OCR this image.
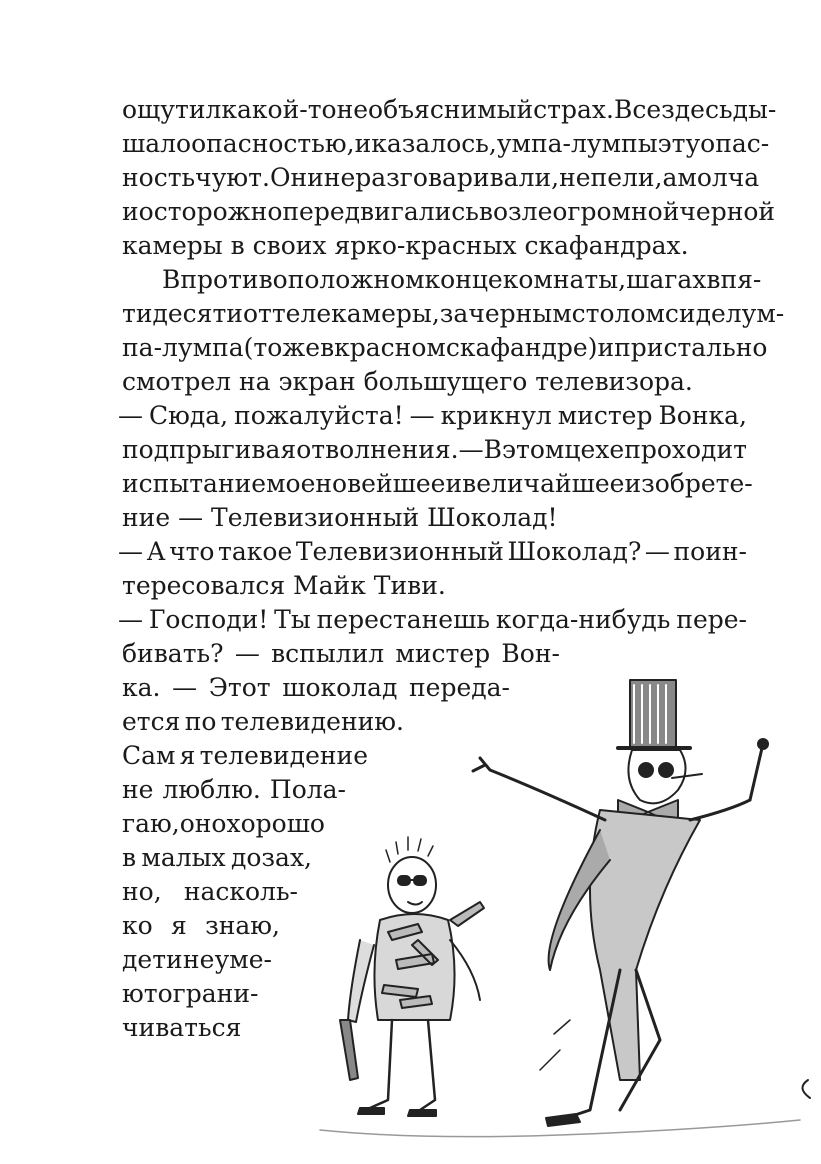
ощутил какой-то необъяснимый страх. Все здесь ды-
шало опасностью, и казалось, умпа-лумпы эту опас-
ность чуют. Они не разговаривали, не пели, а молча
и осторожно передвигались возле огромной черной
камеры в своих ярко-красных скафандрах.
В противоположном конце комнаты, шагах в пя-
тидесяти от телекамеры, за черным столом сидел ум-
па-лумпа (тоже в красном скафандре) и пристально
смотрел на экран большущего телевизора.
— Сюда, пожалуйста! — крикнул мистер Вонка,
подпрыгивая от волнения. — В этом цехе проходит
испытание мое новейшее и величайшее изобрете-
ние — Телевизионный Шоколад!
— А что такое Телевизионный Шоколад? — поин-
тересовался Майк Тиви.
— Господи! Ты перестанешь когда-нибудь пере-
бивать? — вспылил мистер Вон-
ка. — Этот шоколад переда-
ется по телевидению.
Сам я телевидение
не люблю. Пола-
гаю, оно хорошо
в малых дозах,
но, насколь-
ко я знаю,
дети не уме-
ют ограни-
чиваться
